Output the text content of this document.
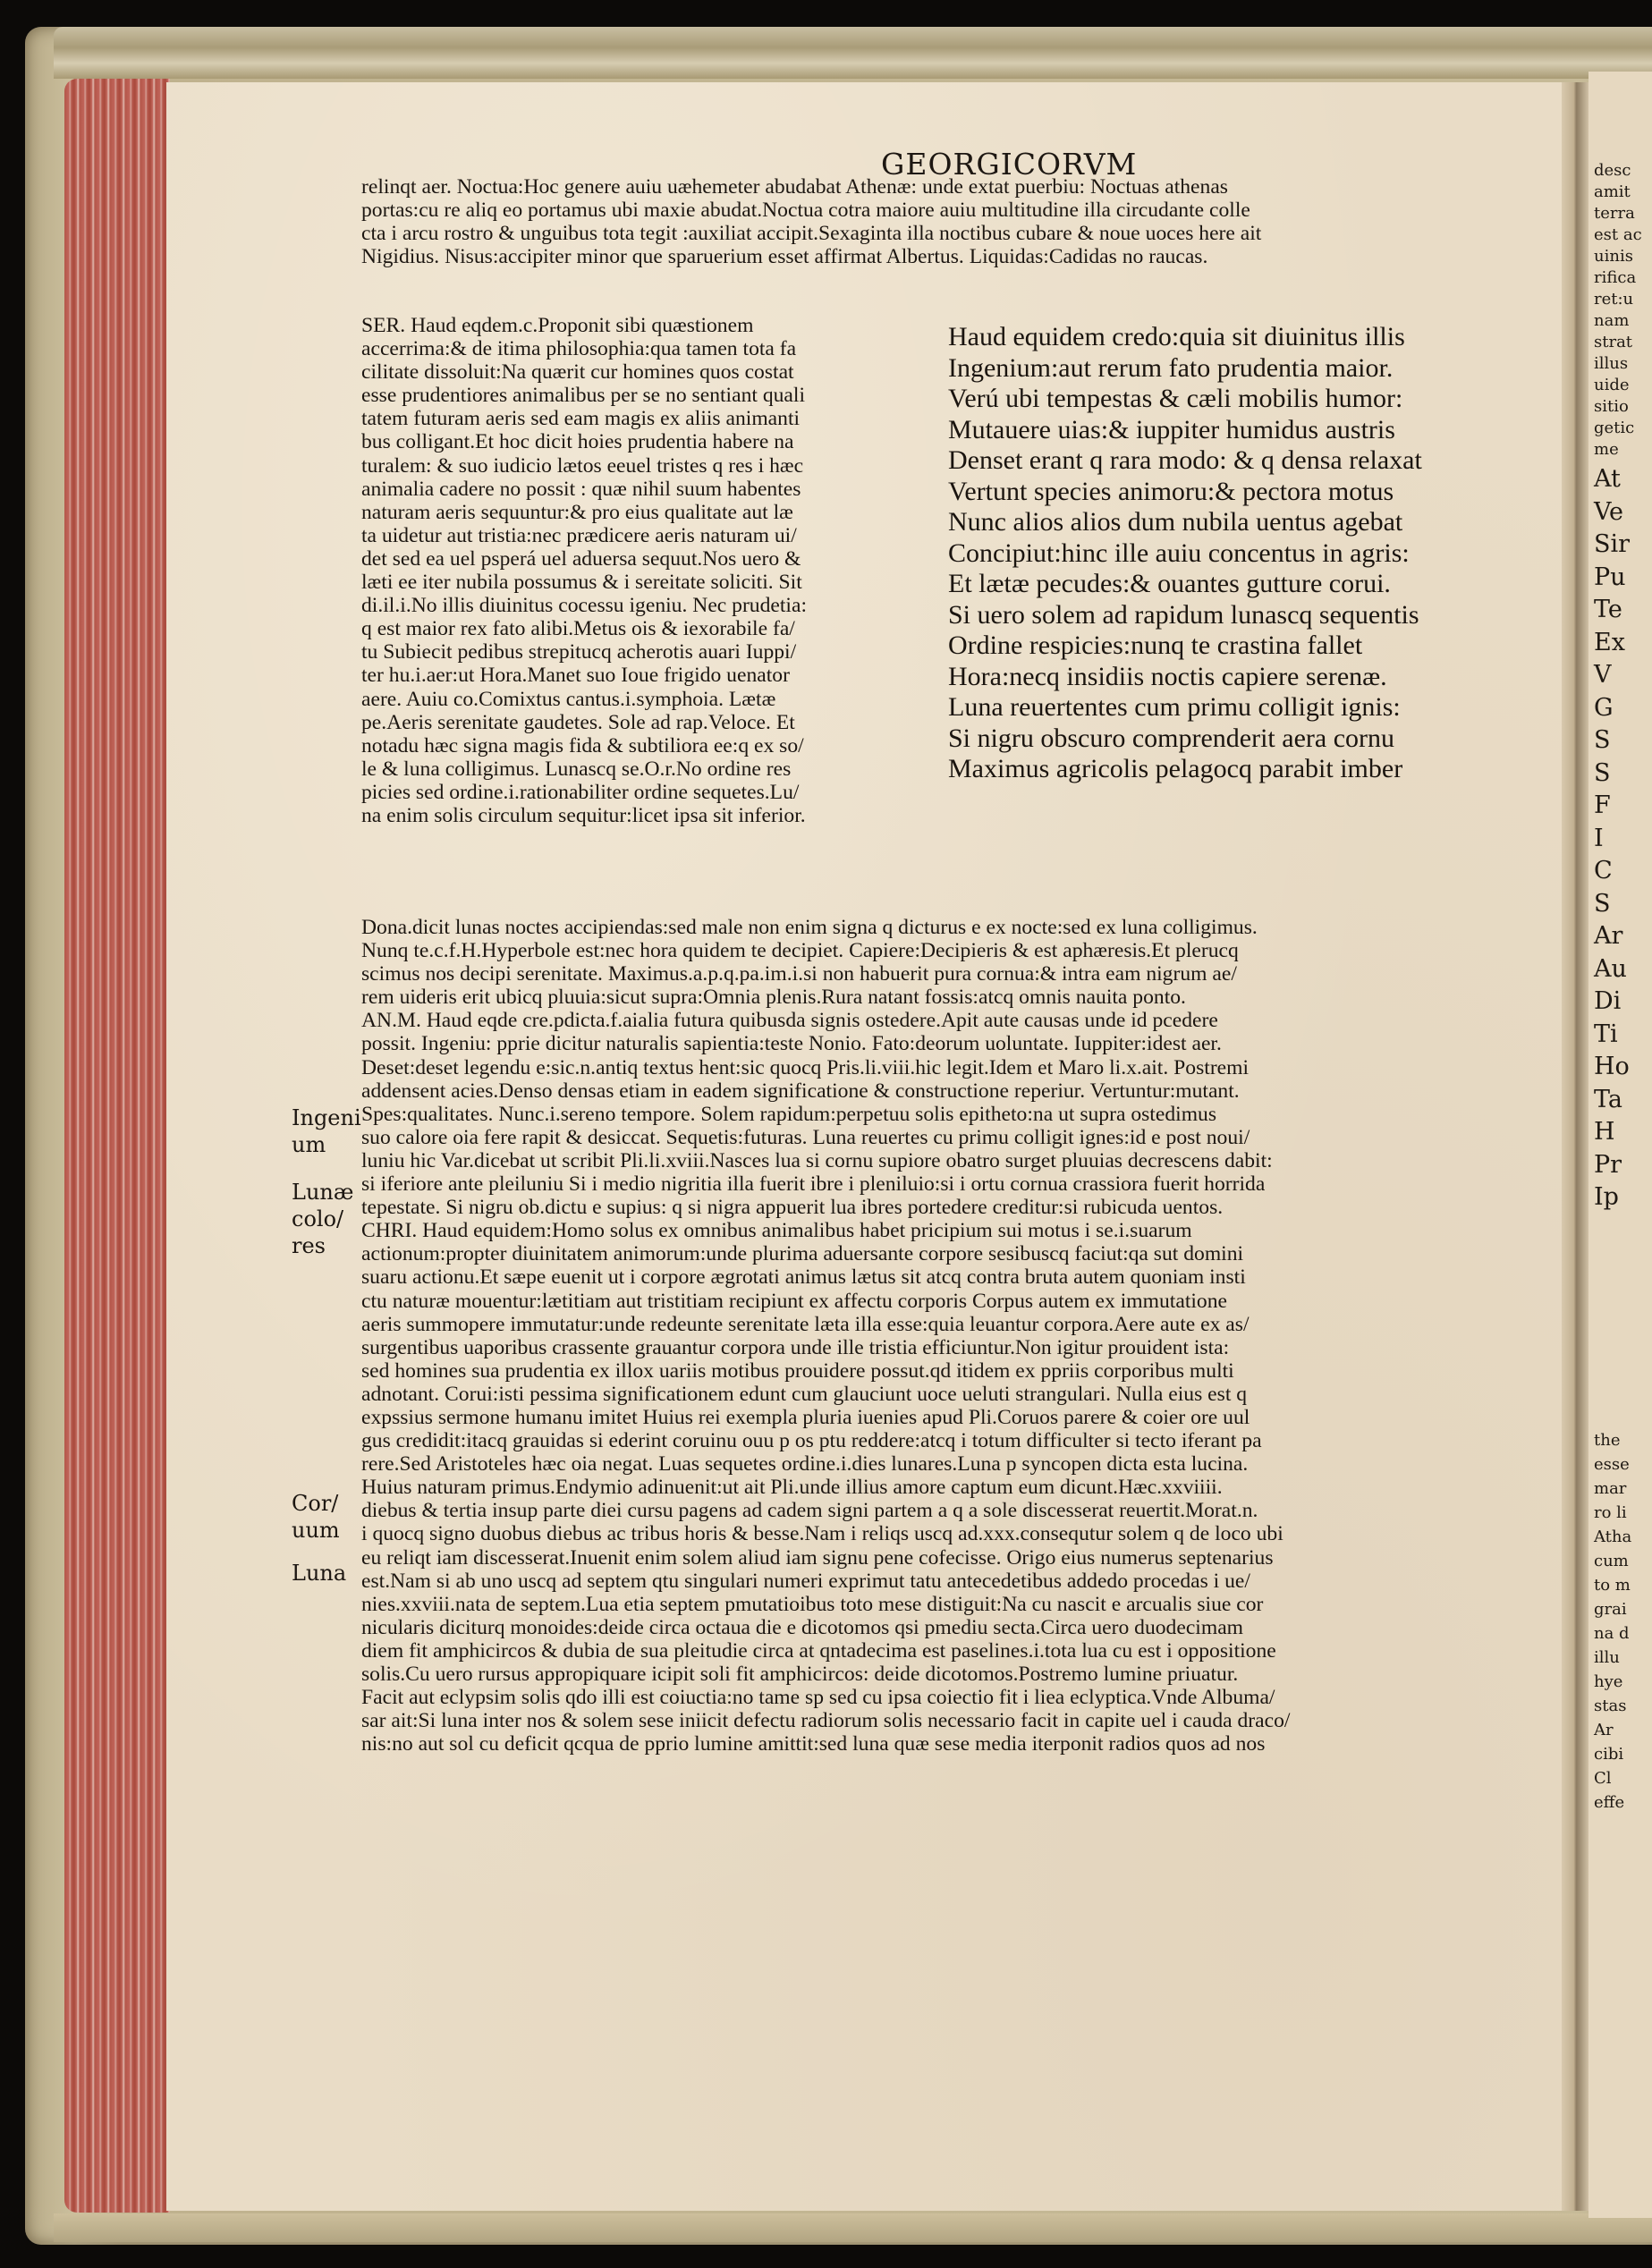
desc
amit
terra
est ac
uinis
rifica
ret:u
nam
strat
illus
uide
sitio
getic
me
At
Ve
Sir
Pu
Te
Ex
V
G
S
S
F
I
C
S
Ar
Au
Di
Ti
Ho
Ta
H
Pr
Ip
the
esse
mar
ro li
Atha
cum
to m
grai
na d
illu
hye
stas
Ar
cibi
Cl
effe
GEORGICORVM
relinqt aer. Noctua:Hoc genere auiu uæhemeter abudabat Athenæ: unde extat puerbiu: Noctuas athenas
portas:cu re aliq eo portamus ubi maxie abudat.Noctua cotra maiore auiu multitudine illa circudante colle
cta i arcu rostro & unguibus tota tegit :auxiliat accipit.Sexaginta illa noctibus cubare & noue uoces here ait
Nigidius. Nisus:accipiter minor que sparuerium esset affirmat Albertus. Liquidas:Cadidas no raucas.
SER. Haud eqdem.c.Proponit sibi quæstionem
accerrima:& de itima philosophia:qua tamen tota fa
cilitate dissoluit:Na quærit cur homines quos costat
esse prudentiores animalibus per se no sentiant quali
tatem futuram aeris sed eam magis ex aliis animanti
bus colligant.Et hoc dicit hoies prudentia habere na
turalem: & suo iudicio lætos eeuel tristes q res i hæc
animalia cadere no possit : quæ nihil suum habentes
naturam aeris sequuntur:& pro eius qualitate aut læ
ta uidetur aut tristia:nec prædicere aeris naturam ui/
det sed ea uel psperá uel aduersa sequut.Nos uero &
læti ee iter nubila possumus & i sereitate soliciti. Sit
di.il.i.No illis diuinitus cocessu igeniu. Nec prudetia:
q est maior rex fato alibi.Metus ois & iexorabile fa/
tu Subiecit pedibus strepitucq acherotis auari Iuppi/
ter hu.i.aer:ut Hora.Manet suo Ioue frigido uenator
aere. Auiu co.Comixtus cantus.i.symphoia. Lætæ
pe.Aeris serenitate gaudetes. Sole ad rap.Veloce. Et
notadu hæc signa magis fida & subtiliora ee:q ex so/
le & luna colligimus. Lunascq se.O.r.No ordine res
picies sed ordine.i.rationabiliter ordine sequetes.Lu/
na enim solis circulum sequitur:licet ipsa sit inferior.
Haud equidem credo:quia sit diuinitus illis
Ingenium:aut rerum fato prudentia maior.
Verú ubi tempestas & cæli mobilis humor:
Mutauere uias:& iuppiter humidus austris
Denset erant q rara modo: & q densa relaxat
Vertunt species animoru:& pectora motus
Nunc alios alios dum nubila uentus agebat
Concipiut:hinc ille auiu concentus in agris:
Et lætæ pecudes:& ouantes gutture corui.
Si uero solem ad rapidum lunascq sequentis
Ordine respicies:nunq te crastina fallet
Hora:necq insidiis noctis capiere serenæ.
Luna reuertentes cum primu colligit ignis:
Si nigru obscuro comprenderit aera cornu
Maximus agricolis pelagocq parabit imber
Dona.dicit lunas noctes accipiendas:sed male non enim signa q dicturus e ex nocte:sed ex luna colligimus.
Nunq te.c.f.H.Hyperbole est:nec hora quidem te decipiet. Capiere:Decipieris & est aphæresis.Et plerucq
scimus nos decipi serenitate. Maximus.a.p.q.pa.im.i.si non habuerit pura cornua:& intra eam nigrum ae/
rem uideris erit ubicq pluuia:sicut supra:Omnia plenis.Rura natant fossis:atcq omnis nauita ponto.
AN.M. Haud eqde cre.pdicta.f.aialia futura quibusda signis ostedere.Apit aute causas unde id pcedere
possit. Ingeniu: pprie dicitur naturalis sapientia:teste Nonio. Fato:deorum uoluntate. Iuppiter:idest aer.
Deset:deset legendu e:sic.n.antiq textus hent:sic quocq Pris.li.viii.hic legit.Idem et Maro li.x.ait. Postremi
addensent acies.Denso densas etiam in eadem significatione & constructione reperiur. Vertuntur:mutant.
Spes:qualitates. Nunc.i.sereno tempore. Solem rapidum:perpetuu solis epitheto:na ut supra ostedimus
suo calore oia fere rapit & desiccat. Sequetis:futuras. Luna reuertes cu primu colligit ignes:id e post noui/
luniu hic Var.dicebat ut scribit Pli.li.xviii.Nasces lua si cornu supiore obatro surget pluuias decrescens dabit:
si iferiore ante pleiluniu Si i medio nigritia illa fuerit ibre i pleniluio:si i ortu cornua crassiora fuerit horrida
tepestate. Si nigru ob.dictu e supius: q si nigra appuerit lua ibres portedere creditur:si rubicuda uentos.
CHRI. Haud equidem:Homo solus ex omnibus animalibus habet pricipium sui motus i se.i.suarum
actionum:propter diuinitatem animorum:unde plurima aduersante corpore sesibuscq faciut:qa sut domini
suaru actionu.Et sæpe euenit ut i corpore ægrotati animus lætus sit atcq contra bruta autem quoniam insti
ctu naturæ mouentur:lætitiam aut tristitiam recipiunt ex affectu corporis Corpus autem ex immutatione
aeris summopere immutatur:unde redeunte serenitate læta illa esse:quia leuantur corpora.Aere aute ex as/
surgentibus uaporibus crassente grauantur corpora unde ille tristia efficiuntur.Non igitur prouident ista:
sed homines sua prudentia ex illox uariis motibus prouidere possut.qd itidem ex ppriis corporibus multi
adnotant. Corui:isti pessima significationem edunt cum glauciunt uoce ueluti strangulari. Nulla eius est q
expssius sermone humanu imitet Huius rei exempla pluria iuenies apud Pli.Coruos parere & coier ore uul
gus credidit:itacq grauidas si ederint coruinu ouu p os ptu reddere:atcq i totum difficulter si tecto iferant pa
rere.Sed Aristoteles hæc oia negat. Luas sequetes ordine.i.dies lunares.Luna p syncopen dicta esta lucina.
Huius naturam primus.Endymio adinuenit:ut ait Pli.unde illius amore captum eum dicunt.Hæc.xxviiii.
diebus & tertia insup parte diei cursu pagens ad cadem signi partem a q a sole discesserat reuertit.Morat.n.
i quocq signo duobus diebus ac tribus horis & besse.Nam i reliqs uscq ad.xxx.consequtur solem q de loco ubi
eu reliqt iam discesserat.Inuenit enim solem aliud iam signu pene cofecisse. Origo eius numerus septenarius
est.Nam si ab uno uscq ad septem qtu singulari numeri exprimut tatu antecedetibus addedo procedas i ue/
nies.xxviii.nata de septem.Lua etia septem pmutatioibus toto mese distiguit:Na cu nascit e arcualis siue cor
nicularis diciturq monoides:deide circa octaua die e dicotomos qsi pmediu secta.Circa uero duodecimam
diem fit amphicircos & dubia de sua pleitudie circa at qntadecima est paselines.i.tota lua cu est i oppositione
solis.Cu uero rursus appropiquare icipit soli fit amphicircos: deide dicotomos.Postremo lumine priuatur.
Facit aut eclypsim solis qdo illi est coiuctia:no tame sp sed cu ipsa coiectio fit i liea eclyptica.Vnde Albuma/
sar ait:Si luna inter nos & solem sese iniicit defectu radiorum solis necessario facit in capite uel i cauda draco/
nis:no aut sol cu deficit qcqua de pprio lumine amittit:sed luna quæ sese media iterponit radios quos ad nos
Ingeni
um
Lunæ
colo/
res
Cor/
uum
Luna
